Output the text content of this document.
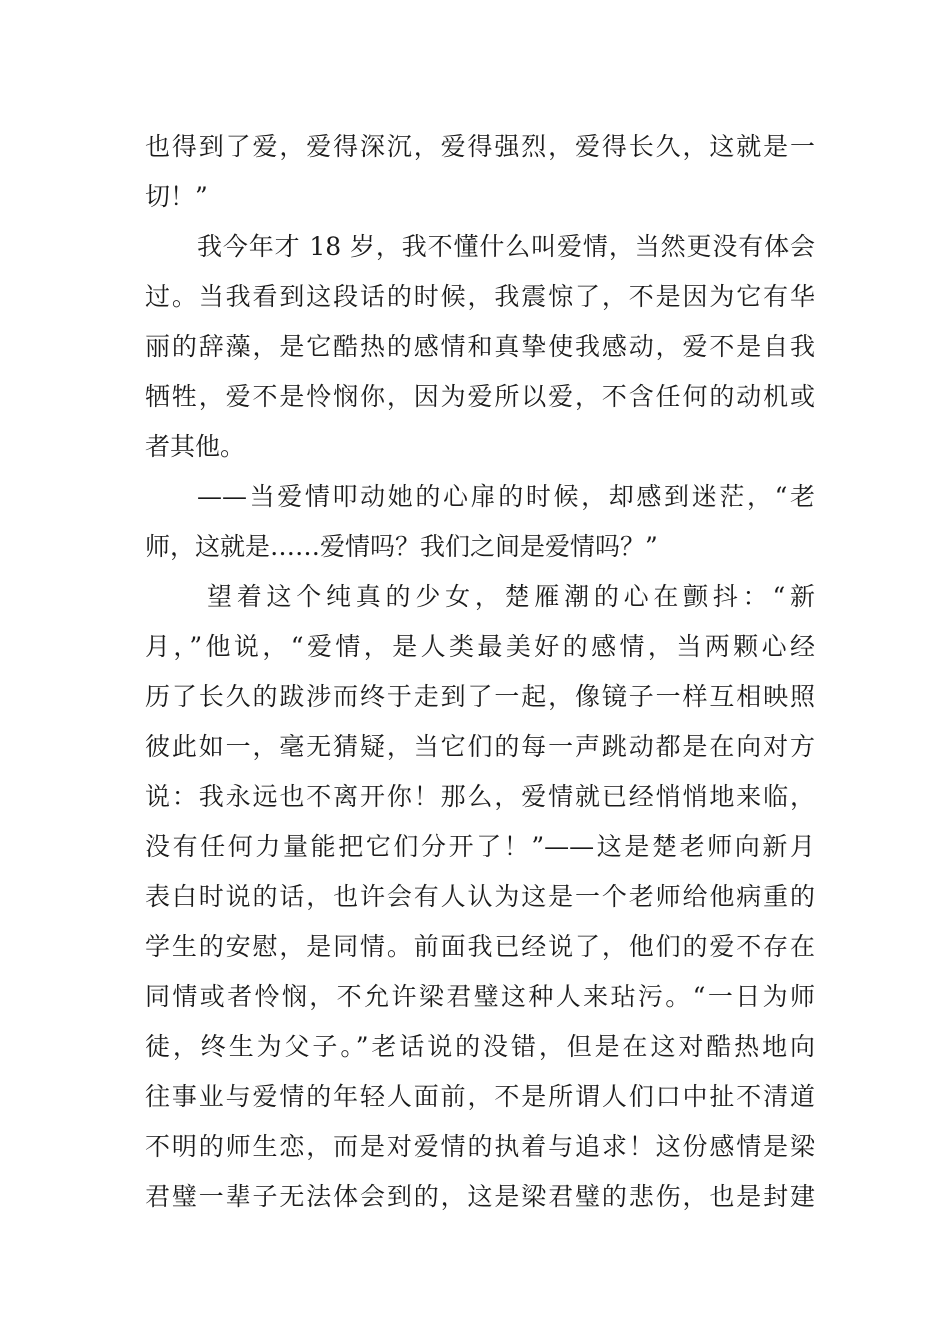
也得到了爱，爱得深沉，爱得强烈，爱得长久，这就是一
切！”
我今年才 18 岁，我不懂什么叫爱情，当然更没有体会
过。当我看到这段话的时候，我震惊了，不是因为它有华
丽的辞藻，是它酷热的感情和真挚使我感动，爱不是自我
牺牲，爱不是怜悯你，因为爱所以爱，不含任何的动机或
者其他。
——当爱情叩动她的心扉的时候，却感到迷茫，“老
师，这就是……爱情吗？我们之间是爱情吗？”
望着这个纯真的少女，楚雁潮的心在颤抖：“新
月，”他说，“爱情，是人类最美好的感情，当两颗心经
历了长久的跋涉而终于走到了一起，像镜子一样互相映照
彼此如一，毫无猜疑，当它们的每一声跳动都是在向对方
说：我永远也不离开你！那么，爱情就已经悄悄地来临，
没有任何力量能把它们分开了！”——这是楚老师向新月
表白时说的话，也许会有人认为这是一个老师给他病重的
学生的安慰，是同情。前面我已经说了，他们的爱不存在
同情或者怜悯，不允许梁君璧这种人来玷污。“一日为师
徒，终生为父子。”老话说的没错，但是在这对酷热地向
往事业与爱情的年轻人面前，不是所谓人们口中扯不清道
不明的师生恋，而是对爱情的执着与追求！这份感情是梁
君璧一辈子无法体会到的，这是梁君璧的悲伤，也是封建
